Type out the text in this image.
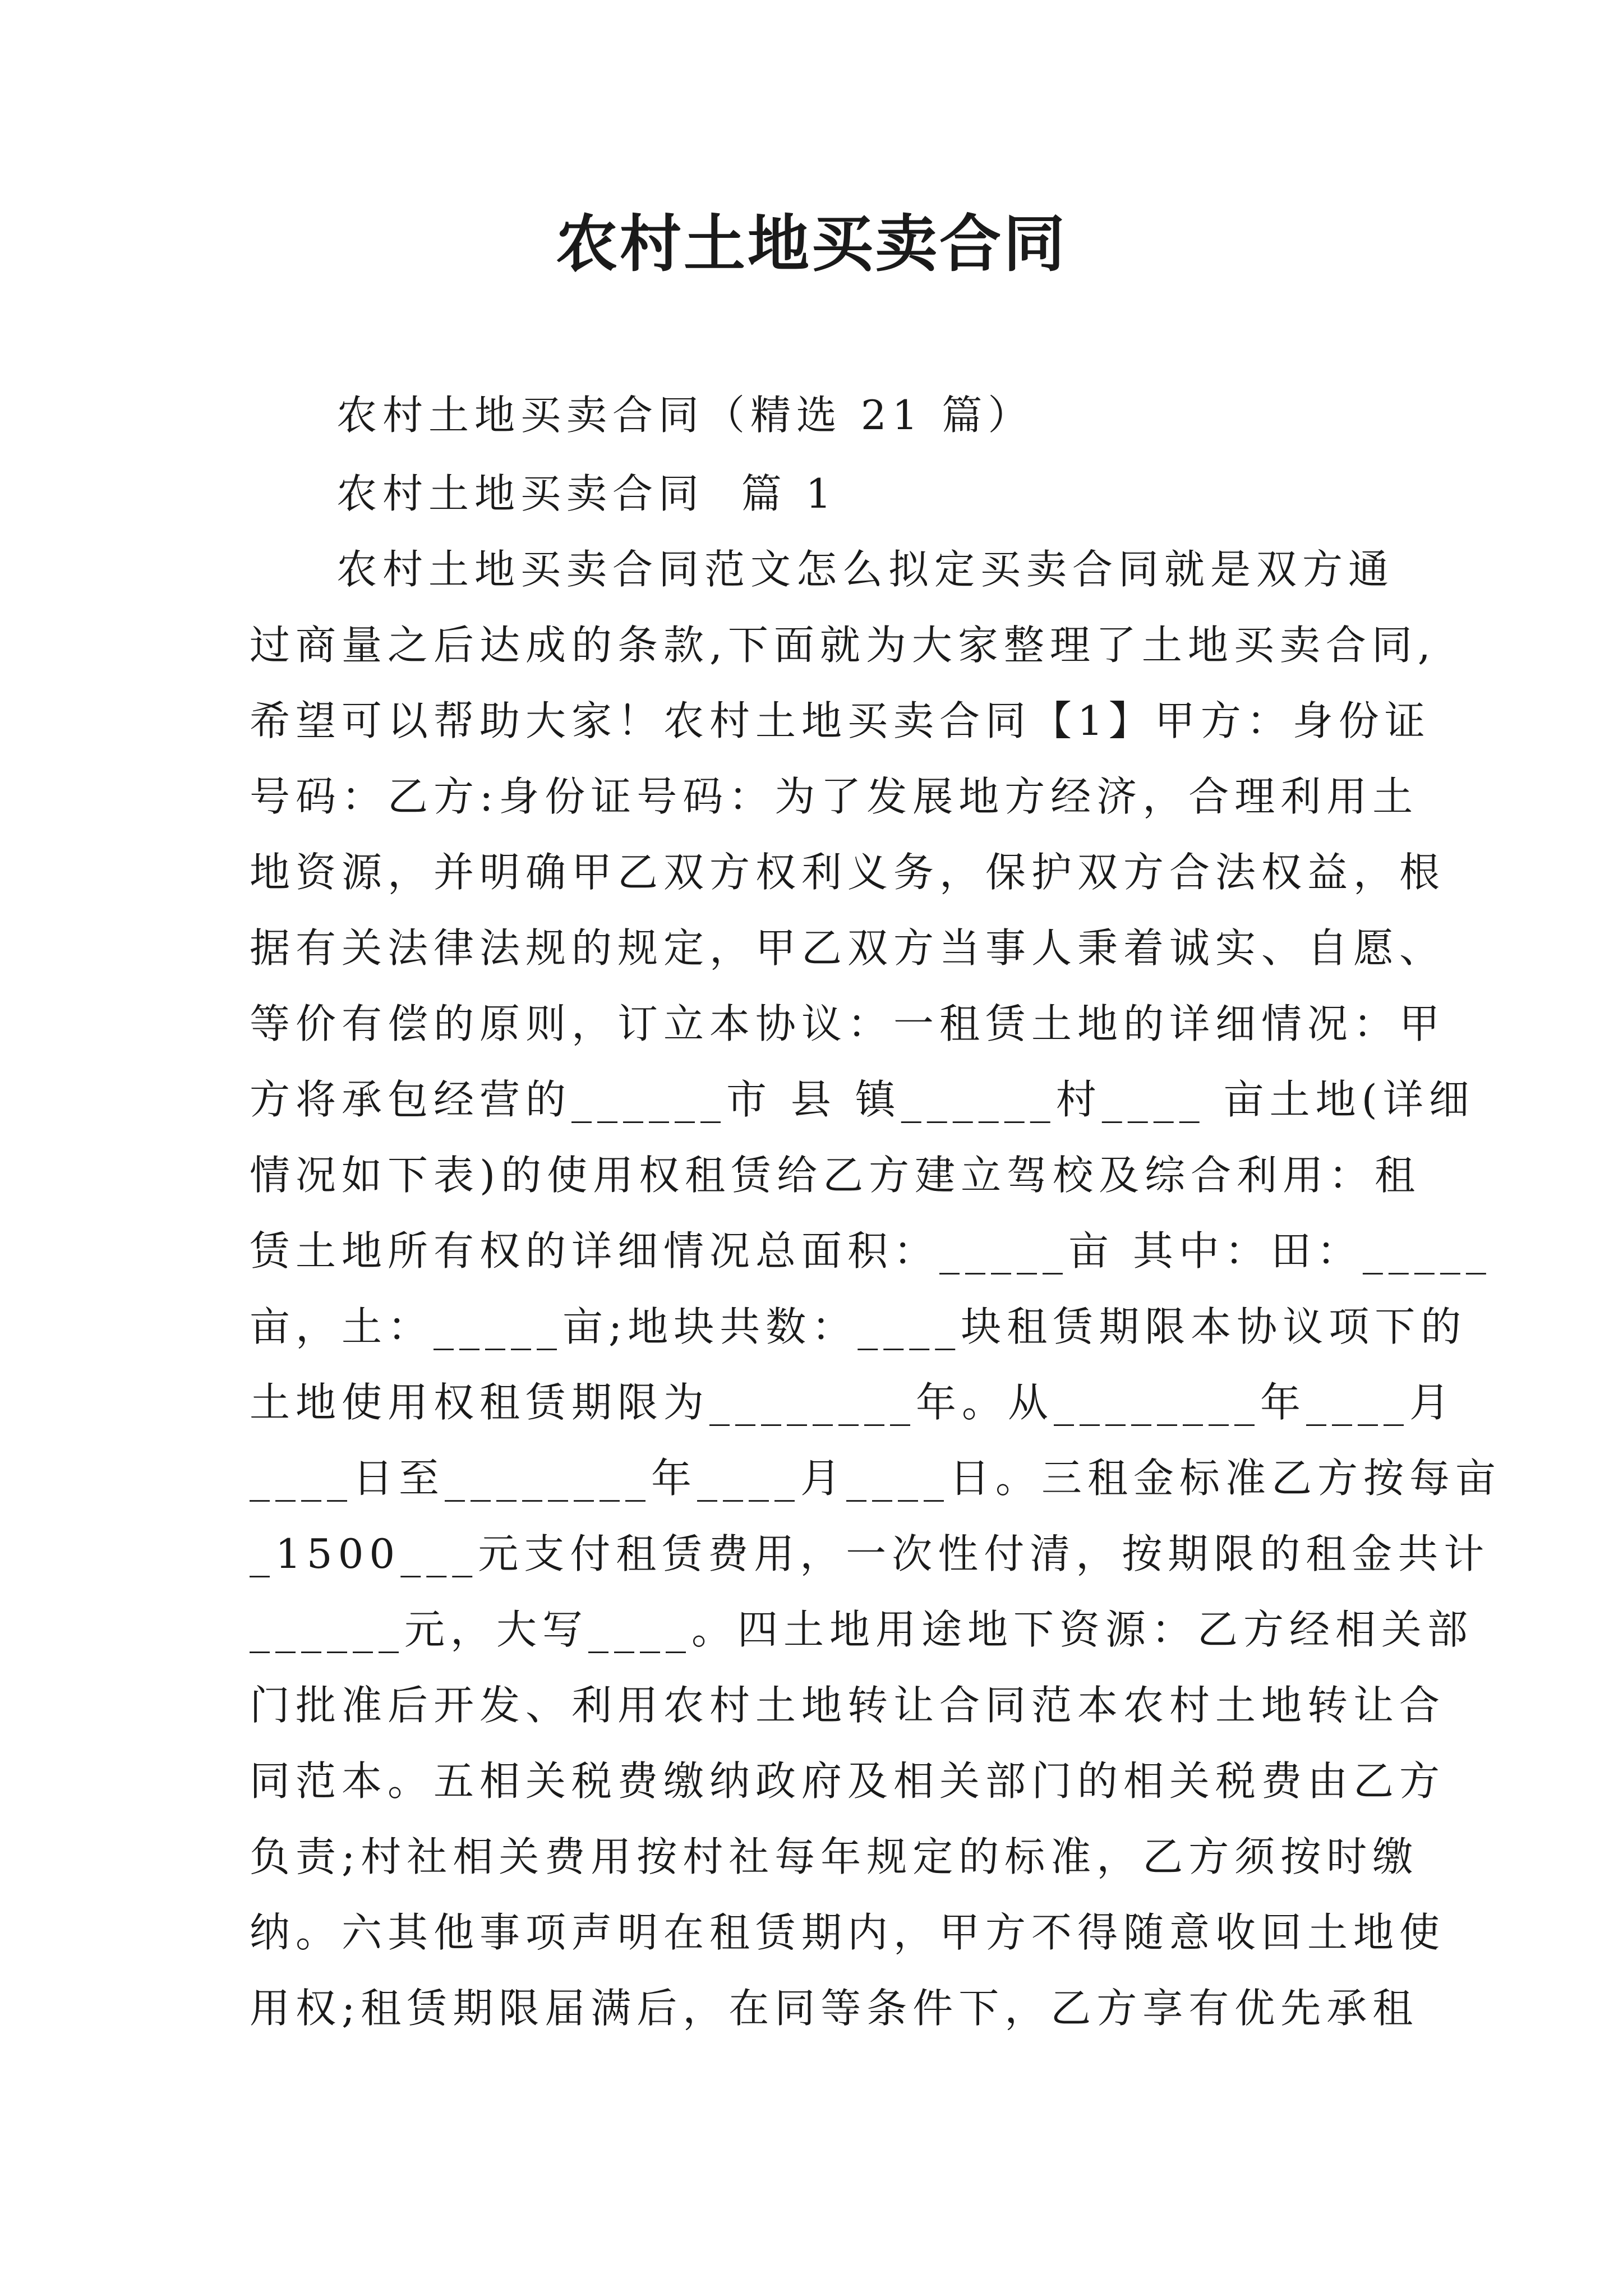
农村土地买卖合同

农村土地买卖合同（精选 21 篇）

农村土地买卖合同  篇 1

农村土地买卖合同范文怎么拟定买卖合同就是双方通

过商量之后达成的条款,下面就为大家整理了土地买卖合同,

希望可以帮助大家！农村土地买卖合同【1】甲方：身份证

号码：乙方:身份证号码：为了发展地方经济，合理利用土

地资源，并明确甲乙双方权利义务，保护双方合法权益，根

据有关法律法规的规定，甲乙双方当事人秉着诚实、自愿、

等价有偿的原则，订立本协议：一租赁土地的详细情况：甲

方将承包经营的______市 县 镇______村____ 亩土地(详细

情况如下表)的使用权租赁给乙方建立驾校及综合利用：租

赁土地所有权的详细情况总面积：_____亩 其中：田：_____

亩，土：_____亩;地块共数：____块租赁期限本协议项下的

土地使用权租赁期限为________年。从________年____月

____日至________年____月____日。三租金标准乙方按每亩

_1500___元支付租赁费用，一次性付清，按期限的租金共计

______元，大写____。四土地用途地下资源：乙方经相关部

门批准后开发、利用农村土地转让合同范本农村土地转让合

同范本。五相关税费缴纳政府及相关部门的相关税费由乙方

负责;村社相关费用按村社每年规定的标准，乙方须按时缴

纳。六其他事项声明在租赁期内，甲方不得随意收回土地使

用权;租赁期限届满后，在同等条件下，乙方享有优先承租
